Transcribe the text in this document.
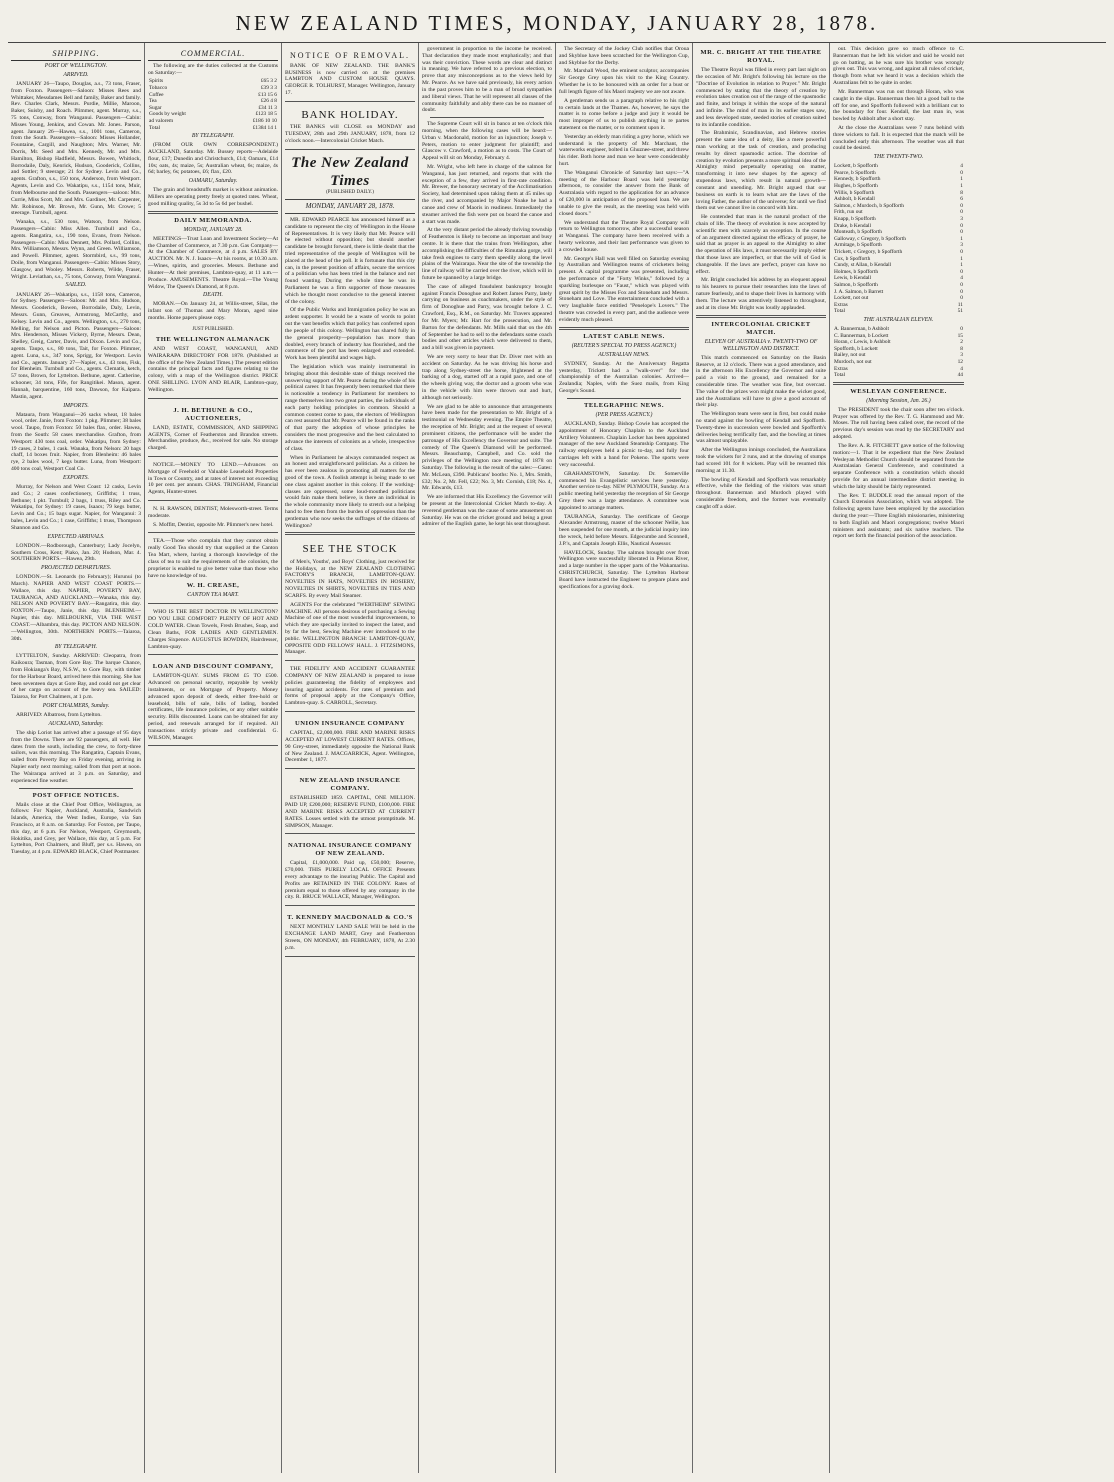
NEW ZEALAND TIMES, MONDAY, JANUARY 28, 1878.
SHIPPING.
PORT OF WELLINGTON.
ARRIVED.

JANUARY 26—Taupo, Douglas, a.s., 73 tons, Fraser, from Foxton. Passengers—Saloon: Misses Rees and Whittaker, Messdames Bell and family, Baker and family. Rev. Charles Clark, Messrs. Purdie, Millie, Maroon, Baker, Suisby, and Roach. Plimmer, agent. Murray, s.s., 75 tons, Conway, from Wanganui. Passengers—Cabin: Misses Young, Jenkins, and Cowan. Mr. Jones. Parson, agent. January 26—Hawea, s.s., 1001 tons, Cameron, from the South. Passengers—Saloon: Misses Hollander, Fountaine, Cargill, and Naughton; Mrs. Warner, Mr. Dorris, Mr. Seed and Mrs. Kennedy, Mr. and Mrs. Hamilton, Bishop Hadfield, Messrs. Bowen, Whitlock, Borrodaile, Daly, Kenrick, Hudson, Gooderick, Collins, and Sottler; 9 steerage; 21 for Sydney. Levin and Co., agents. Grafton, s.s., 150 tons, Anderson, from Westport. Agents, Levin and Co. Wakatipu, s.s., 1154 tons, Muir, from Melbourne and the South. Passengers—saloon: Mrs. Currie, Miss Scott, Mr. and Mrs. Gardiner, Mr. Carpenter, Mr. Robinson, Mr. Brown, Mr. Gunn, Mr. Crowe; 5 steerage. Turnbull, agent.

Wanaka, s.s., 530 tons, Watson, from Nelson. Passengers—Cabin: Miss Allen. Turnbull and Co., agents. Rangatira, s.s., 190 tons, Evans, from Nelson. Passengers—Cabin: Miss Dennett, Mrs. Pollard, Collins, Mrs. Williamson, Messrs. Wynn, and Green. Williamson, and Powell. Plimmer, agent. Stormbird, s.s., 99 tons, Doile, from Wanganui. Passengers—Cabin: Misses Story, Glasgow, and Wooley. Messrs. Roberts, Wilde, Fraser, Wright. Leviathan, s.s., 75 tons, Conway, from Wanganui.

SAILED.

JANUARY 26—Wakatipu, s.s., 1158 tons, Cameron, for Sydney. Passengers—Saloon: Mr. and Mrs. Hudson, Messrs. Gooderick, Bowen, Borrodaile, Daly, Levin, Messrs. Gunn, Greaves, Armstrong, McCarthy, and Kelsey. Levin and Co., agents. Wellington, s.s., 270 tons, Melling, for Nelson and Picton. Passengers—Saloon: Mrs. Henderson, Misses Vickery, Byrne, Messrs. Dean, Shelley, Greig, Carter, Davis, and Dixon. Levin and Co., agents. Taupo, s.s., 80 tons, Tait, for Foxton. Plimmer, agent. Luna, s.s., 347 tons, Sprigg, for Westport. Levin and Co., agents. January 27—Napier, s.s., 43 tons, Fisk, for Blenheim. Turnbull and Co., agents. Clematis, ketch, 57 tons, Brown, for Lyttelton. Bethune, agent. Catherine, schooner, 34 tons, Fife, for Rangitikei. Mason, agent. Hannah, barquentine, 160 tons, Dawson, for Kaipara. Mastin, agent.

IMPORTS.

Mataura, from Wanganui—26 sacks wheat, 18 bales wool, order. Janie, from Foxton: 1 pkg. Plimmer; 38 bales wool. Taupo, from Foxton: 50 bales flax, order. Hawea, from the South: 58 cases merchandise. Grafton, from Westport: 430 tons coal, order. Wakatipu, from Sydney: 19 cases, 2 bales, 1 cask. Wanaka, from Nelson: 20 bags chaff, 14 boxes fruit. Napier, from Blenheim: 46 bales rye, 2 bales wool, 7 kegs butter. Luna, from Westport: 400 tons coal, Westport Coal Co.

EXPORTS.

Murray, for Nelson and West Coast: 12 casks, Levin and Co.; 2 cases confectionery, Griffiths; 1 truss, Bethune; 1 pkt. Turnbull; 2 bags, 1 truss, Riley and Co. Wakatipu, for Sydney: 19 cases, Isaacs; 79 kegs butter, Levin and Co.; 15 bags sugar. Napier, for Wanganui: 3 bales, Levin and Co.; 1 case, Griffiths; 1 truss, Thompson Shannon and Co.

EXPECTED ARRIVALS.

LONDON.—Rodborough, Canterbury; Lady Jocelyn, Southern Cross, Kent; Piako, Jan. 20; Hudson, Mar. 4. SOUTHERN PORTS.—Hawea, 29th.

PROJECTED DEPARTURES.

LONDON.—St. Leonards (to February); Hurunui (to March). NAPIER AND WEST COAST PORTS.—Wallace, this day. NAPIER, POVERTY BAY, TAURANGA, AND AUCKLAND.—Wanaka, this day. NELSON AND POVERTY BAY.—Rangatira, this day. FOXTON.—Taupo, Janie, this day. BLENHEIM.—Napier, this day. MELBOURNE, VIA THE WEST COAST.—Albambra, this day. PICTON AND NELSON.—Wellington, 30th. NORTHERN PORTS.—Taiaroa, 30th.

BY TELEGRAPH.

LYTTELTON, Sunday. ARRIVED: Cleopatra, from Kaikoura; Tasman, from Gore Bay. The barque Chance, from Hokianga's Bay, N.S.W., to Gore Bay, with timber for the Harbour Board, arrived here this morning. She has been seventeen days at Gore Bay, and could not get clear of her cargo on account of the heavy sea. SAILED: Taiaroa, for Port Chalmers, at 1 p.m.

PORT CHALMERS, Sunday.

ARRIVED: Albatross, from Lyttelton.

AUCKLAND, Saturday.

The ship Loriot has arrived after a passage of 95 days from the Downs. There are 92 passengers, all well. Her dates from the south, including the crew, to forty-three sailors, was this morning. The Rangatira, Captain Evans, sailed from Poverty Bay on Friday evening, arriving in Napier early next morning; sailed from that port at noon. The Wairarapa arrived at 3 p.m. on Saturday, and experienced fine weather.

POST OFFICE NOTICES.

Mails close at the Chief Post Office, Wellington, as follows: For Napier, Auckland, Australia, Sandwich Islands, America, the West Indies, Europe, via San Francisco, at 8 a.m. on Saturday. For Foxton, per Taupo, this day, at 6 p.m. For Nelson, Westport, Greymouth, Hokitika, and Grey, per Wallace, this day, at 5 p.m. For Lyttelton, Port Chalmers, and Bluff, per s.s. Hawea, on Tuesday, at 4 p.m. EDWARD BLACK, Chief Postmaster.

COMMERCIAL.

The following are the duties collected at the Customs on Saturday:—

Spirits	£65 3 2
Tobacco	£39 3 3
Coffee	£13 15 6
Tea	£26 4 8
Sugar	£34 11 3
Goods by weight	£123 18 5
ad valorem	£186 10 10
Total	£1384 14 1
BY TELEGRAPH.

(FROM OUR OWN CORRESPONDENT.) AUCKLAND, Saturday. Mr. Bussey reports—Adelaide flour, £17; Dunedin and Christchurch, £14; Oamaru, £14 10s; oats, 4s; maize, 5s; Australian wheat, 6s; maize, 4s 6d; barley, 6s; potatoes, £6; flax, £20.

OAMARU, Saturday.

The grain and breadstuffs market is without animation. Millers are operating pretty freely at quoted rates. Wheat, good milling quality, 5s 3d to 5s 6d per bushel.

DAILY MEMORANDA.
MONDAY, JANUARY 28.

MEETINGS—Trust Loan and Investment Society—At the Chamber of Commerce, at 7.30 p.m. Gas Company—At the Chamber of Commerce, at 4 p.m. SALES BY AUCTION. Mr. N. J. Isaacs—At his rooms, at 10.30 a.m.—Wines, spirits, and groceries. Messrs. Bethune and Hunter—At their premises, Lambton-quay, at 11 a.m.—Produce. AMUSEMENTS. Theatre Royal.—The Young Widow, The Queen's Diamond, at 8 p.m.

DEATH.

MORAN.—On January 24, at Willis-street, Silas, the infant son of Thomas and Mary Moran, aged nine months. Home papers please copy.

JUST PUBLISHED.
THE WELLINGTON ALMANACK

AND WEST COAST, WANGANUI, AND WAIRARAPA DIRECTORY FOR 1878. (Published at the office of the New Zealand Times.) The present edition contains the principal facts and figures relating to the colony, with a map of the Wellington district. PRICE ONE SHILLING. LYON AND BLAIR, Lambton-quay, Wellington.

J. H. BETHUNE & CO., AUCTIONEERS,

LAND, ESTATE, COMMISSION, AND SHIPPING AGENTS, Corner of Featherston and Brandon streets. Merchandise, produce, &c., received for sale. No storage charged.

NOTICE.—MONEY TO LEND.—Advances on Mortgage of Freehold or Valuable Leasehold Properties in Town or Country, and at rates of interest not exceeding 10 per cent. per annum. CHAS. TRINGHAM, Financial Agents, Hunter-street.

N. H. RAWSON, DENTIST, Molesworth-street. Terms moderate.

S. Moffitt, Dentist, opposite Mr. Plimmer's new hotel.

TEA.—Those who complain that they cannot obtain really Good Tea should try that supplied at the Canton Tea Mart, where, having a thorough knowledge of the class of tea to suit the requirements of the colonists, the proprietor is enabled to give better value than those who have no knowledge of tea.

W. H. CREASE,
CANTON TEA MART.

WHO IS THE BEST DOCTOR IN WELLINGTON? DO YOU LIKE COMFORT? PLENTY OF HOT AND COLD WATER. Clean Towels, Fresh Brushes, Soap, and Clean Baths, FOR LADIES AND GENTLEMEN. Charges Sixpence. AUGUSTUS BOWDEN, Hairdresser, Lambton-quay.

LOAN AND DISCOUNT COMPANY,

LAMBTON-QUAY. SUMS FROM £5 TO £500. Advanced on personal security, repayable by weekly instalments, or on Mortgage of Property. Money advanced upon deposit of deeds, either free-hold or leasehold, bills of sale, bills of lading, bonded certificates, life insurance policies, or any other suitable security. Bills discounted. Loans can be obtained for any period, and renewals arranged for if required. All transactions strictly private and confidential. G. WILSON, Manager.

NOTICE OF REMOVAL.

BANK OF NEW ZEALAND. THE BANK'S BUSINESS is now carried on at the premises LAMBTON AND CUSTOM HOUSE QUAYS. GEORGE R. TOLHURST, Manager. Wellington, January 17.

BANK HOLIDAY.

THE BANKS will CLOSE on MONDAY and TUESDAY, 28th and 29th JANUARY, 1878, from 12 o'clock noon.—Intercolonial Cricket Match.

The New Zealand Times
(PUBLISHED DAILY.)
MONDAY, JANUARY 28, 1878.

MR. EDWARD PEARCE has announced himself as a candidate to represent the city of Wellington in the House of Representatives. It is very likely that Mr. Pearce will be elected without opposition; but should another candidate be brought forward, there is little doubt that the tried representative of the people of Wellington will be placed at the head of the poll. It is fortunate that this city can, in the present position of affairs, secure the services of a politician who has been tried in the balance and not found wanting. During the whole time he was in Parliament he was a firm supporter of those measures which he thought most conducive to the general interest of the colony.

Of the Public Works and Immigration policy he was an ardent supporter. It would be a waste of words to point out the vast benefits which that policy has conferred upon the people of this colony. Wellington has shared fully in the general prosperity—population has more than doubled, every branch of industry has flourished, and the commerce of the port has been enlarged and extended. Work has been plentiful and wages high.

The legislation which was mainly instrumental in bringing about this desirable state of things received the unswerving support of Mr. Pearce during the whole of his political career. It has frequently been remarked that there is noticeable a tendency in Parliament for members to range themselves into two great parties, the individuals of each party holding principles in common. Should a common contest come to pass, the electors of Wellington can rest assured that Mr. Pearce will be found in the ranks of that party the adoption of whose principles he considers the most progressive and the best calculated to advance the interests of colonists as a whole, irrespective of class.

When in Parliament he always commanded respect as an honest and straightforward politician. As a citizen he has ever been zealous in promoting all matters for the good of the town. A foolish attempt is being made to set one class against another in this colony. If the working-classes are oppressed, some loud-mouthed politicians would fain make them believe, is there an individual in the whole community more likely to stretch out a helping hand to free them from the burden of oppression than the gentleman who now seeks the suffrages of the citizens of Wellington?

SEE THE STOCK

of Men's, Youths', and Boys' Clothing, just received for the Holidays, at the NEW ZEALAND CLOTHING FACTORY'S BRANCH, LAMBTON-QUAY. NOVELTIES IN HATS, NOVELTIES IN HOSIERY, NOVELTIES IN SHIRTS, NOVELTIES IN TIES AND SCARFS. By every Mail Steamer.

AGENTS For the celebrated "WERTHEIM" SEWING MACHINE. All persons desirous of purchasing a Sewing Machine of one of the most wonderful improvements, to which they are specially invited to inspect the latest, and by far the best, Sewing Machine ever introduced to the public. WELLINGTON BRANCH: LAMBTON-QUAY, OPPOSITE ODD FELLOWS' HALL. J. FITZSIMONS, Manager.

THE FIDELITY AND ACCIDENT GUARANTEE COMPANY OF NEW ZEALAND is prepared to issue policies guaranteeing the fidelity of employees and insuring against accidents. For rates of premium and forms of proposal apply at the Company's Office, Lambton-quay. S. CARROLL, Secretary.

UNION INSURANCE COMPANY

CAPITAL, £2,000,000. FIRE AND MARINE RISKS ACCEPTED AT LOWEST CURRENT RATES. Offices, 90 Grey-street, immediately opposite the National Bank of New Zealand. J. MACGARRICK, Agent. Wellington, December 1, 1877.

NEW ZEALAND INSURANCE COMPANY.

ESTABLISHED 1859. CAPITAL, ONE MILLION. PAID UP, £200,000; RESERVE FUND, £100,000. FIRE AND MARINE RISKS ACCEPTED AT CURRENT RATES. Losses settled with the utmost promptitude. M. SIMPSON, Manager.

NATIONAL INSURANCE COMPANY OF NEW ZEALAND.

Capital, £1,000,000. Paid up, £50,000; Reserve, £70,000. THIS PURELY LOCAL OFFICE Presents every advantage to the insuring Public. The Capital and Profits are RETAINED IN THE COLONY. Rates of premium equal to those offered by any company in the city. R. BRUCE WALLACE, Manager, Wellington.

T. KENNEDY MACDONALD & CO.'S

NEXT MONTHLY LAND SALE Will be held in the EXCHANGE LAND MART, Grey and Featherston Streets, ON MONDAY, 4th FEBRUARY, 1878, At 2.30 p.m.

government in proportion to the income he received. That declaration they made most emphatically; and that was their conviction. These words are clear and distinct in meaning. We have referred to a previous election, to prove that any misconceptions as to the views held by Mr. Pearce. As we have said previously, his every action in the past proves him to be a man of broad sympathies and liberal views. That he will represent all classes of the community faithfully and ably there can be no manner of doubt.

The Supreme Court will sit in banco at ten o'clock this morning, when the following cases will be heard:—Urban v. Macdonald, motion for an injunction; Joseph v. Peters, motion to enter judgment for plaintiff; and Glascow v. Crawford, a motion as to costs. The Court of Appeal will sit on Monday, February 4.

Mr. Wright, who left here in charge of the salmon for Wanganui, has just returned, and reports that with the exception of a few, they arrived in first-rate condition. Mr. Brewer, the honorary secretary of the Acclimatisation Society, had determined upon taking them at 45 miles up the river, and accompanied by Major Noake he had a canoe and crew of Maoris in readiness. Immediately the steamer arrived the fish were put on board the canoe and a start was made.

At the very distant period the already thriving township of Featherston is likely to become an important and busy centre. It is there that the trains from Wellington, after accomplishing the difficulties of the Rimutaka gorge, will take fresh engines to carry them speedily along the level plains of the Wairarapa. Near the site of the township the line of railway will be carried over the river, which will in future be spanned by a large bridge.

The case of alleged fraudulent bankruptcy brought against Francis Donoghue and Robert James Parry, lately carrying on business as coachmakers, under the style of firm of Donoghue and Parry, was brought before J. C. Crawford, Esq., R.M., on Saturday. Mr. Travers appeared for Mr. Myers; Mr. Hart for the prosecution, and Mr. Barton for the defendants. Mr. Mills said that on the 4th of September he had to sell to the defendants some coach bodies and other articles which were delivered to them, and a bill was given in payment.

We are very sorry to hear that Dr. Diver met with an accident on Saturday. As he was driving his horse and trap along Sydney-street the horse, frightened at the barking of a dog, started off at a rapid pace, and one of the wheels giving way, the doctor and a groom who was in the vehicle with him were thrown out and hurt, although not seriously.

We are glad to be able to announce that arrangements have been made for the presentation to Mr. Bright of a testimonial on Wednesday evening. The Empire Theatre, the reception of Mr. Bright; and at the request of several prominent citizens, the performance will be under the patronage of His Excellency the Governor and suite. The comedy of The Queen's Diamond will be performed. Messrs. Beauchamp, Campbell, and Co. sold the privileges of the Wellington race meeting of 1878 on Saturday. The following is the result of the sales:—Gates: Mr. McLean, £390. Publicans' booths: No. 1, Mrs. Smith, £32; No. 2, Mr. Fell, £22; No. 3, Mr. Cornish, £18; No. 4, Mr. Edwards, £13.

We are informed that His Excellency the Governor will be present at the Intercolonial Cricket Match to-day. A reverend gentleman was the cause of some amusement on Saturday. He was on the cricket ground and being a great admirer of the English game, he kept his seat throughout.

The Secretary of the Jockey Club notifies that Oroua and Skyblue have been scratched for the Wellington Cup, and Skyblue for the Derby.

Mr. Marshall Wood, the eminent sculptor, accompanies Sir George Grey upon his visit to the King Country. Whether he is to be honoured with an order for a bust or full length figure of his Maori majesty we are not aware.

A gentleman sends us a paragraph relative to his right to certain lands at the Thames. As, however, he says the matter is to come before a judge and jury it would be most improper of us to publish anything in re partes statement on the matter, or to comment upon it.

Yesterday an elderly man riding a grey horse, which we understand is the property of Mr. Marchant, the waterworks engineer, bolted in Ghuznee-street, and threw his rider. Both horse and man we hear were considerably hurt.

The Wanganui Chronicle of Saturday last says:—"A meeting of the Harbour Board was held yesterday afternoon, to consider the answer from the Bank of Australasia with regard to the application for an advance of £20,000 in anticipation of the proposed loan. We are unable to give the result, as the meeting was held with closed doors."

We understand that the Theatre Royal Company will return to Wellington tomorrow, after a successful season at Wanganui. The company have been received with a hearty welcome, and their last performance was given to a crowded house.

Mr. George's Hall was well filled on Saturday evening by Australian and Wellington teams of cricketers being present. A capital programme was presented, including the performance of the "Forty Winks," followed by a sparkling burlesque on "Faust," which was played with great spirit by the Misses Fox and Stoneham and Messrs. Stoneham and Love. The entertainment concluded with a very laughable farce entitled "Penelope's Lovers." The theatre was crowded in every part, and the audience were evidently much pleased.

LATEST CABLE NEWS.
(REUTER'S SPECIAL TO PRESS AGENCY.)
AUSTRALIAN NEWS.

SYDNEY, Sunday. At the Anniversary Regatta yesterday, Trickett had a "walk-over" for the championship of the Australian colonies. Arrived—Zealandia; Naples, with the Suez mails, from King George's Sound.

TELEGRAPHIC NEWS.
(PER PRESS AGENCY.)

AUCKLAND, Sunday. Bishop Cowie has accepted the appointment of Honorary Chaplain to the Auckland Artillery Volunteers. Chaplain Locker has been appointed manager of the new Auckland Steamship Company. The railway employees held a picnic to-day, and fully four carriages left with a band for Pokeno. The sports were very successful.

GRAHAMSTOWN, Saturday. Dr. Somerville commenced his Evangelistic services here yesterday. Another service to-day. NEW PLYMOUTH, Sunday. At a public meeting held yesterday the reception of Sir George Grey there was a large attendance. A committee was appointed to arrange matters.

TAURANGA, Saturday. The certificate of George Alexander Armstrong, master of the schooner Nellie, has been suspended for one month, at the judicial inquiry into the wreck, held before Messrs. Edgecumbe and Sconnell, J.P.'s, and Captain Joseph Ellis, Nautical Assessor.

HAVELOCK, Sunday. The salmon brought over from Wellington were successfully liberated in Pelorus River, and a large number in the upper parts of the Wakamarina. CHRISTCHURCH, Saturday. The Lyttelton Harbour Board have instructed the Engineer to prepare plans and specifications for a graving dock.

MR. C. BRIGHT AT THE THEATRE ROYAL.

The Theatre Royal was filled in every part last night on the occasion of Mr. Bright's following his lecture on the "Doctrine of Evolution in relation to Prayer." Mr. Bright commenced by stating that the theory of creation by evolution takes creation out of the range of the spasmodic and finite, and brings it within the scope of the natural and infinite. The mind of man in its earlier stages saw, and less developed state, seeded stories of creation suited to its infantile condition.

The Brahminic, Scandinavian, and Hebrew stories present the same idea of a deity, like a mere powerful man working at the task of creation, and producing results by direct spasmodic action. The doctrine of creation by evolution presents a more spiritual idea of the Almighty mind perpetually operating on matter, transforming it into new shapes by the agency of stupendous laws, which result in natural growth—constant and unending. Mr. Bright argued that our business on earth is to learn what are the laws of the loving Father, the author of the universe; for until we find them out we cannot live in concord with him.

He contended that man is the natural product of the chain of life. The theory of evolution is now accepted by scientific men with scarcely an exception. In the course of an argument directed against the efficacy of prayer, he said that as prayer is an appeal to the Almighty to alter the operation of His laws, it must necessarily imply either that those laws are imperfect, or that the will of God is changeable. If the laws are perfect, prayer can have no effect.

Mr. Bright concluded his address by an eloquent appeal to his hearers to pursue their researches into the laws of nature fearlessly, and to shape their lives in harmony with them. The lecture was attentively listened to throughout, and at its close Mr. Bright was loudly applauded.

INTERCOLONIAL CRICKET MATCH.
ELEVEN OF AUSTRALIA v. TWENTY-TWO OF WELLINGTON AND DISTRICT.

This match commenced on Saturday on the Basin Reserve, at 12 o'clock. There was a good attendance, and in the afternoon His Excellency the Governor and suite paid a visit to the ground, and remained for a considerable time. The weather was fine, but overcast. The value of the prizes won might make the wicket good, and the Australians will have to give a good account of their play.

The Wellington team were sent in first, but could make no stand against the bowling of Kendall and Spofforth. Twenty-three in succession were bowled and Spofforth's deliveries being terrifically fast, and the bowling at times was almost unplayable.

After the Wellington innings concluded, the Australians took the wickets for 2 runs, and at the drawing of stumps had scored 101 for 8 wickets. Play will be resumed this morning at 11.30.

The bowling of Kendall and Spofforth was remarkably effective, while the fielding of the visitors was smart throughout. Bannerman and Murdoch played with considerable freedom, and the former was eventually caught off a skier.

out. This decision gave so much offence to C. Bannerman that he left his wicket and said he would not go on batting, as he was sure his brother was wrongly given out. This was wrong, and against all rules of cricket, though from what we heard it was a decision which the Australians felt to be quite in order.

Mr. Bannerman was run out through Horan, who was caught in the slips. Bannerman then hit a good ball to the off for one, and Spofforth followed with a brilliant cut to the boundary for four. Kendall, the last man in, was bowled by Ashbolt after a short stay.

At the close the Australians were 7 runs behind with three wickets to fall. It is expected that the match will be concluded early this afternoon. The weather was all that could be desired.

THE TWENTY-TWO.
Lockett, b Spofforth	4
Pearce, b Spofforth	0
Kennedy, b Spofforth	1
Hughes, b Spofforth	1
Willis, b Spofforth	8
Ashbolt, b Kendall	6
Salmon, c Murdoch, b Spofforth	0
Frith, run out	0
Knapp, b Spofforth	3
Drake, b Kendall	0
Monteath, b Spofforth	0
Galloway, c Gregory, b Spofforth	1
Armitage, b Spofforth	3
Trickett, c Gregory, b Spofforth	0
Cox, b Spofforth	1
Cundy, st Allan, b Kendall	1
Holmes, b Spofforth	0
Lewis, b Kendall	4
Salmon, b Spofforth	0
J. A. Salmon, b Barrett	0
Lockett, not out	0
Extras	11
Total	51
THE AUSTRALIAN ELEVEN.
A. Bannerman, b Ashbolt	0
C. Bannerman, b Lockett	15
Horan, c Lewis, b Ashbolt	2
Spofforth, b Lockett	8
Bailey, not out	3
Murdoch, not out	12
Extras	4
Total	44
WESLEYAN CONFERENCE.
(Morning Session, Jan. 26.)

The PRESIDENT took the chair soon after ten o'clock. Prayer was offered by the Rev. T. G. Hammond and Mr. Moses. The roll having been called over, the record of the previous day's session was read by the SECRETARY and adopted.

The Rev. A. R. FITCHETT gave notice of the following motion:—1. That it be expedient that the New Zealand Wesleyan Methodist Church should be separated from the Australasian General Conference, and constituted a separate Conference with a constitution which should provide for an annual intermediate district meeting in which the laity should be fairly represented.

The Rev. T. BUDDLE read the annual report of the Church Extension Association, which was adopted. The following agents have been employed by the association during the year:—Three English missionaries, ministering to both English and Maori congregations; twelve Maori ministers and assistants; and six native teachers. The report set forth the financial position of the association.
